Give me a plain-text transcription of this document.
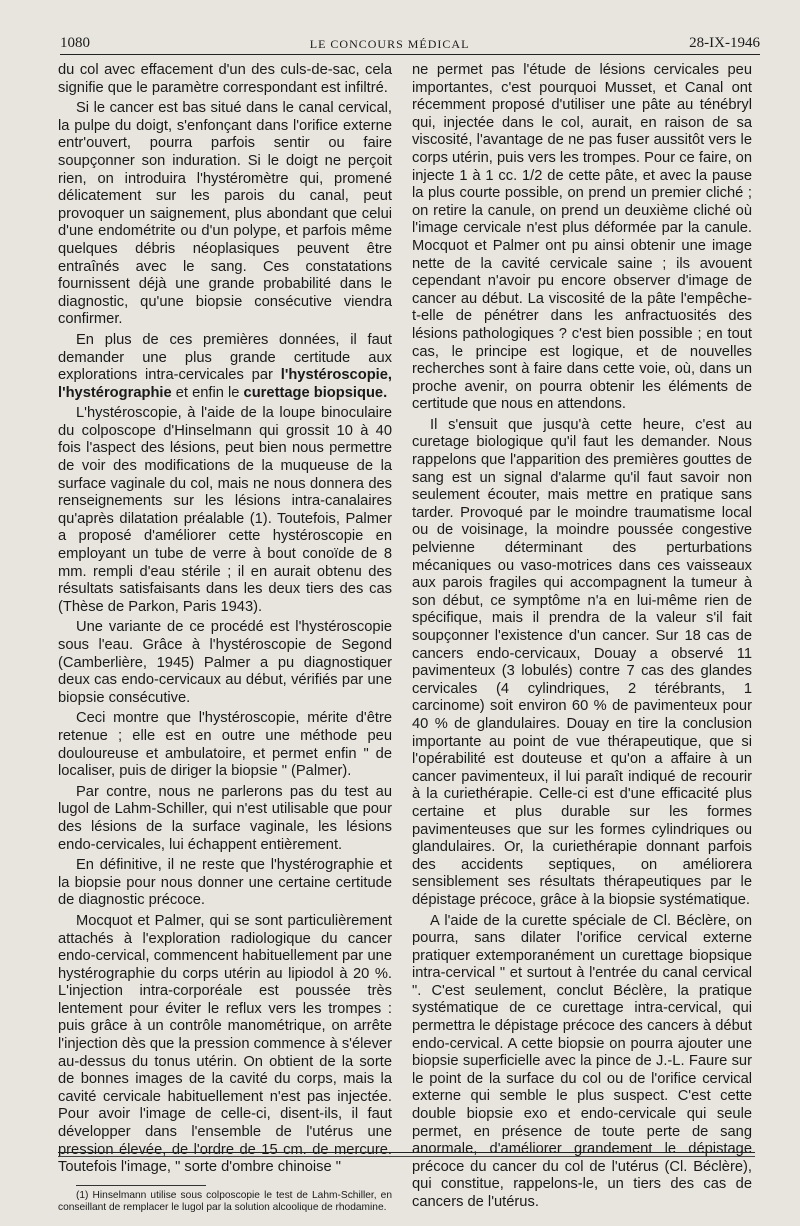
1080	LE CONCOURS MÉDICAL	28-IX-1946

du col avec effacement d'un des culs-de-sac, cela signifie que le paramètre correspondant est infiltré.

Si le cancer est bas situé dans le canal cervical, la pulpe du doigt, s'enfonçant dans l'orifice externe entr'ouvert, pourra parfois sentir ou faire soupçonner son induration. Si le doigt ne perçoit rien, on introduira l'hystéromètre qui, promené délicatement sur les parois du canal, peut provoquer un saignement, plus abondant que celui d'une endométrite ou d'un polype, et parfois même quelques débris néoplasiques peuvent être entraînés avec le sang. Ces constatations fournissent déjà une grande probabilité dans le diagnostic, qu'une biopsie consécutive viendra confirmer.

En plus de ces premières données, il faut demander une plus grande certitude aux explorations intra-cervicales par l'hystéroscopie, l'hystérographie et enfin le curettage biopsique.

L'hystéroscopie, à l'aide de la loupe binoculaire du colposcope d'Hinselmann qui grossit 10 à 40 fois l'aspect des lésions, peut bien nous permettre de voir des modifications de la muqueuse de la surface vaginale du col, mais ne nous donnera des renseignements sur les lésions intra-canalaires qu'après dilatation préalable (1). Toutefois, Palmer a proposé d'améliorer cette hystéroscopie en employant un tube de verre à bout conoïde de 8 mm. rempli d'eau stérile ; il en aurait obtenu des résultats satisfaisants dans les deux tiers des cas (Thèse de Parkon, Paris 1943).

Une variante de ce procédé est l'hystéroscopie sous l'eau. Grâce à l'hystéroscopie de Segond (Camberlière, 1945) Palmer a pu diagnostiquer deux cas endo-cervicaux au début, vérifiés par une biopsie consécutive.

Ceci montre que l'hystéroscopie, mérite d'être retenue ; elle est en outre une méthode peu douloureuse et ambulatoire, et permet enfin " de localiser, puis de diriger la biopsie " (Palmer).

Par contre, nous ne parlerons pas du test au lugol de Lahm-Schiller, qui n'est utilisable que pour des lésions de la surface vaginale, les lésions endo-cervicales, lui échappent entièrement.

En définitive, il ne reste que l'hystérographie et la biopsie pour nous donner une certaine certitude de diagnostic précoce.

Mocquot et Palmer, qui se sont particulièrement attachés à l'exploration radiologique du cancer endo-cervical, commencent habituellement par une hystérographie du corps utérin au lipiodol à 20 %. L'injection intra-corporéale est poussée très lentement pour éviter le reflux vers les trompes : puis grâce à un contrôle manométrique, on arrête l'injection dès que la pression commence à s'élever au-dessus du tonus utérin. On obtient de la sorte de bonnes images de la cavité du corps, mais la cavité cervicale habituellement n'est pas injectée. Pour avoir l'image de celle-ci, disent-ils, il faut développer dans l'ensemble de l'utérus une pression élevée, de l'ordre de 15 cm. de mercure. Toutefois l'image, " sorte d'ombre chinoise "

(1) Hinselmann utilise sous colposcopie le test de Lahm-Schiller, en conseillant de remplacer le lugol par la solution alcoolique de rhodamine.

ne permet pas l'étude de lésions cervicales peu importantes, c'est pourquoi Musset, et Canal ont récemment proposé d'utiliser une pâte au ténébryl qui, injectée dans le col, aurait, en raison de sa viscosité, l'avantage de ne pas fuser aussitôt vers le corps utérin, puis vers les trompes. Pour ce faire, on injecte 1 à 1 cc. 1/2 de cette pâte, et avec la pause la plus courte possible, on prend un premier cliché ; on retire la canule, on prend un deuxième cliché où l'image cervicale n'est plus déformée par la canule. Mocquot et Palmer ont pu ainsi obtenir une image nette de la cavité cervicale saine ; ils avouent cependant n'avoir pu encore observer d'image de cancer au début. La viscosité de la pâte l'empêche-t-elle de pénétrer dans les anfractuosités des lésions pathologiques ? c'est bien possible ; en tout cas, le principe est logique, et de nouvelles recherches sont à faire dans cette voie, où, dans un proche avenir, on pourra obtenir les éléments de certitude que nous en attendons.

Il s'ensuit que jusqu'à cette heure, c'est au curetage biologique qu'il faut les demander. Nous rappelons que l'apparition des premières gouttes de sang est un signal d'alarme qu'il faut savoir non seulement écouter, mais mettre en pratique sans tarder. Provoqué par le moindre traumatisme local ou de voisinage, la moindre poussée congestive pelvienne déterminant des perturbations mécaniques ou vaso-motrices dans ces vaisseaux aux parois fragiles qui accompagnent la tumeur à son début, ce symptôme n'a en lui-même rien de spécifique, mais il prendra de la valeur s'il fait soupçonner l'existence d'un cancer. Sur 18 cas de cancers endo-cervicaux, Douay a observé 11 pavimenteux (3 lobulés) contre 7 cas des glandes cervicales (4 cylindriques, 2 térébrants, 1 carcinome) soit environ 60 % de pavimenteux pour 40 % de glandulaires. Douay en tire la conclusion importante au point de vue thérapeutique, que si l'opérabilité est douteuse et qu'on a affaire à un cancer pavimenteux, il lui paraît indiqué de recourir à la curiethérapie. Celle-ci est d'une efficacité plus certaine et plus durable sur les formes pavimenteuses que sur les formes cylindriques ou glandulaires. Or, la curiethérapie donnant parfois des accidents septiques, on améliorera sensiblement ses résultats thérapeutiques par le dépistage précoce, grâce à la biopsie systématique.

A l'aide de la curette spéciale de Cl. Béclère, on pourra, sans dilater l'orifice cervical externe pratiquer extemporanément un curettage biopsique intra-cervical " et surtout à l'entrée du canal cervical ". C'est seulement, conclut Béclère, la pratique systématique de ce curettage intra-cervical, qui permettra le dépistage précoce des cancers à début endo-cervical. A cette biopsie on pourra ajouter une biopsie superficielle avec la pince de J.-L. Faure sur le point de la surface du col ou de l'orifice cervical externe qui semble le plus suspect. C'est cette double biopsie exo et endo-cervicale qui seule permet, en présence de toute perte de sang anormale, d'améliorer grandement le dépistage précoce du cancer du col de l'utérus (Cl. Béclère), qui constitue, rappelons-le, un tiers des cas de cancers de l'utérus.
